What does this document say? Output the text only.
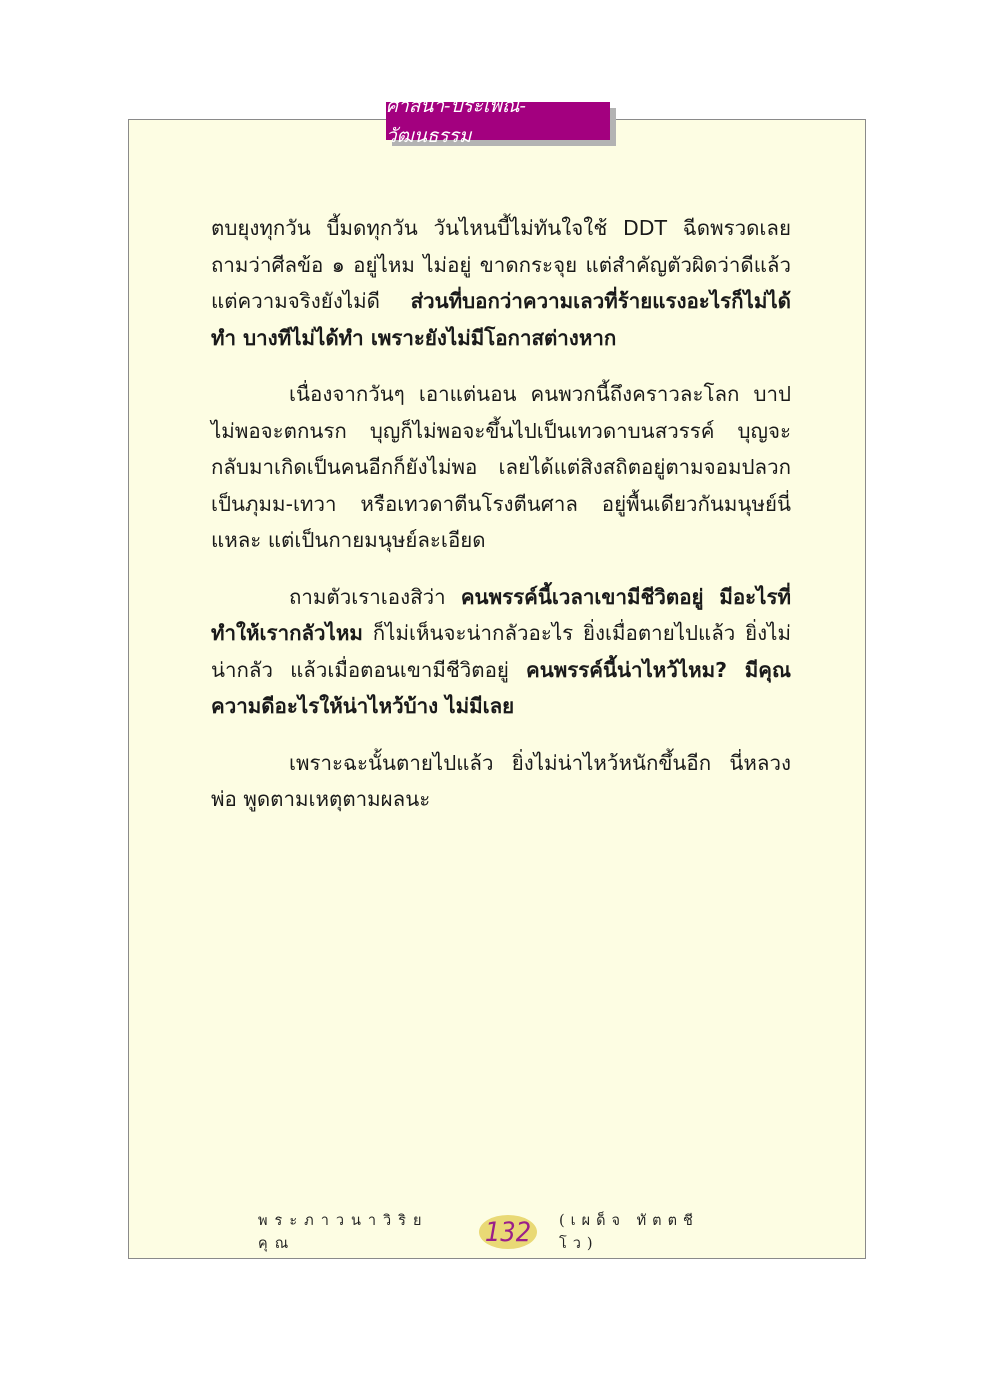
ศาสนา-ประเพณี-วัฒนธรรม

ตบยุงทุกวัน บี้มดทุกวัน วันไหนบี้ไม่ทันใจใช้ DDT ฉีดพรวดเลย ถามว่าศีลข้อ ๑ อยู่ไหม ไม่อยู่ ขาดกระจุย แต่สำคัญตัวผิดว่าดีแล้ว แต่ความจริงยังไม่ดี ส่วนที่บอกว่าความเลวที่ร้ายแรงอะไรก็ไม่ได้ทำ บางทีไม่ได้ทำ เพราะยังไม่มีโอกาสต่างหาก

เนื่องจากวันๆ เอาแต่นอน คนพวกนี้ถึงคราวละโลก บาปไม่พอจะตกนรก บุญก็ไม่พอจะขึ้นไปเป็นเทวดาบนสวรรค์ บุญจะกลับมาเกิดเป็นคนอีกก็ยังไม่พอ เลยได้แต่สิงสถิตอยู่ตามจอมปลวกเป็นภุมม-เทวา หรือเทวดาตีนโรงตีนศาล อยู่พื้นเดียวกันมนุษย์นี่แหละ แต่เป็นกายมนุษย์ละเอียด

ถามตัวเราเองสิว่า คนพรรค์นี้เวลาเขามีชีวิตอยู่ มีอะไรที่ทำให้เรากลัวไหม ก็ไม่เห็นจะน่ากลัวอะไร ยิ่งเมื่อตายไปแล้ว ยิ่งไม่น่ากลัว แล้วเมื่อตอนเขามีชีวิตอยู่ คนพรรค์นี้น่าไหว้ไหม? มีคุณความดีอะไรให้น่าไหว้บ้าง ไม่มีเลย

เพราะฉะนั้นตายไปแล้ว ยิ่งไม่น่าไหว้หนักขึ้นอีก นี่หลวงพ่อ พูดตามเหตุตามผลนะ

พระภาวนาวิริยคุณ	132 (เผด็จ ทัตตชีโว)
